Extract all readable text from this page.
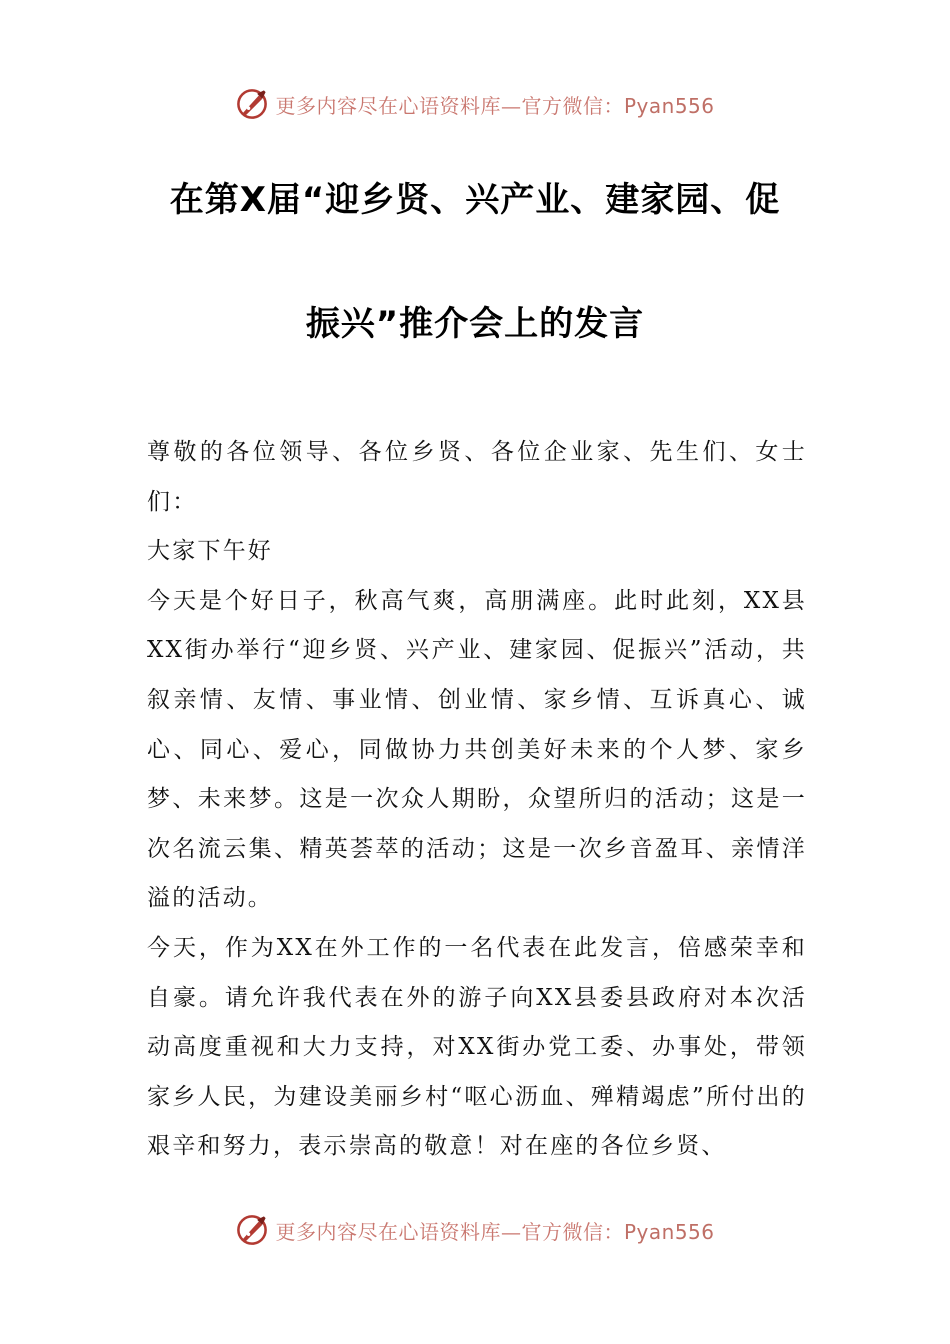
更多内容尽在心语资料库—官方微信：Pyan556
在第X届“迎乡贤、兴产业、建家园、促
振兴”推介会上的发言

尊敬的各位领导、各位乡贤、各位企业家、先生们、女士们：

大家下午好

今天是个好日子，秋高气爽，高朋满座。此时此刻，XX县XX街办举行“迎乡贤、兴产业、建家园、促振兴”活动，共叙亲情、友情、事业情、创业情、家乡情、互诉真心、诚心、同心、爱心，同做协力共创美好未来的个人梦、家乡梦、未来梦。这是一次众人期盼，众望所归的活动；这是一次名流云集、精英荟萃的活动；这是一次乡音盈耳、亲情洋溢的活动。

今天，作为XX在外工作的一名代表在此发言，倍感荣幸和自豪。请允许我代表在外的游子向XX县委县政府对本次活动高度重视和大力支持，对XX街办党工委、办事处，带领家乡人民，为建设美丽乡村“呕心沥血、殚精竭虑”所付出的艰辛和努力，表示崇高的敬意！对在座的各位乡贤、

更多内容尽在心语资料库—官方微信：Pyan556
